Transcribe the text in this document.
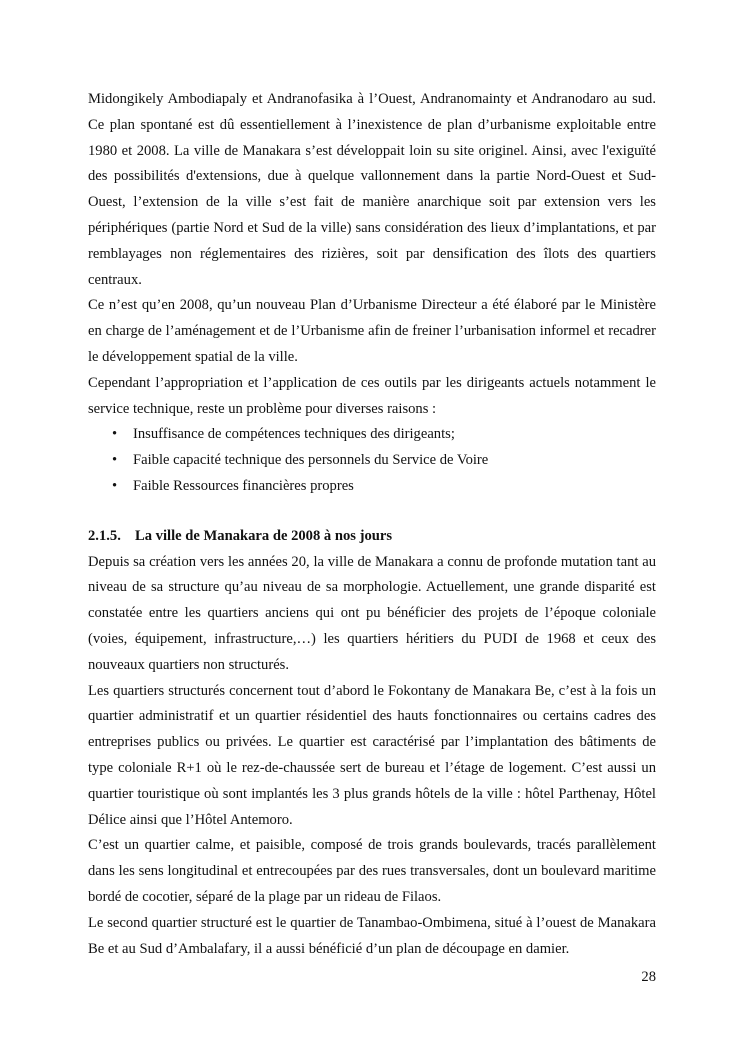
Midongikely Ambodiapaly et Andranofasika à l’Ouest, Andranomainty et Andranodaro au sud. Ce plan spontané est dû essentiellement à l’inexistence de plan d’urbanisme exploitable entre 1980 et 2008. La ville de Manakara s’est développait loin su site originel. Ainsi, avec l'exiguïté des possibilités d'extensions, due à quelque vallonnement dans la partie Nord-Ouest et Sud-Ouest, l’extension de la ville s’est fait de manière anarchique soit par extension vers les périphériques (partie Nord et Sud de la ville) sans considération des lieux d’implantations, et par remblayages non réglementaires des rizières, soit par densification des îlots des quartiers centraux.

Ce n’est qu’en 2008, qu’un nouveau Plan d’Urbanisme Directeur a été élaboré par le Ministère en charge de l’aménagement et de l’Urbanisme afin de freiner l’urbanisation informel et recadrer le développement spatial de la ville.

Cependant l’appropriation et l’application de ces outils par les dirigeants actuels notamment le service technique, reste un problème pour diverses raisons :

• Insuffisance de compétences techniques des dirigeants;
• Faible capacité technique des personnels du Service de Voire
• Faible Ressources financières propres
2.1.5. La ville de Manakara de 2008 à nos jours

Depuis sa création vers les années 20, la ville de Manakara a connu de profonde mutation tant au niveau de sa structure qu’au niveau de sa morphologie. Actuellement, une grande disparité est constatée entre les quartiers anciens qui ont pu bénéficier des projets de l’époque coloniale (voies, équipement, infrastructure,…) les quartiers héritiers du PUDI de 1968 et ceux des nouveaux quartiers non structurés.

Les quartiers structurés concernent tout d’abord le Fokontany de Manakara Be, c’est à la fois un quartier administratif et un quartier résidentiel des hauts fonctionnaires ou certains cadres des entreprises publics ou privées. Le quartier est caractérisé par l’implantation des bâtiments de type coloniale R+1 où le rez-de-chaussée sert de bureau et l’étage de logement. C’est aussi un quartier touristique où sont implantés les 3 plus grands hôtels de la ville : hôtel Parthenay, Hôtel Délice ainsi que l’Hôtel Antemoro.

C’est un quartier calme, et paisible, composé de trois grands boulevards, tracés parallèlement dans les sens longitudinal et entrecoupées par des rues transversales, dont un boulevard maritime bordé de cocotier, séparé de la plage par un rideau de Filaos.

Le second quartier structuré est le quartier de Tanambao-Ombimena, situé à l’ouest de Manakara Be et au Sud d’Ambalafary, il a aussi bénéficié d’un plan de découpage en damier.

28
